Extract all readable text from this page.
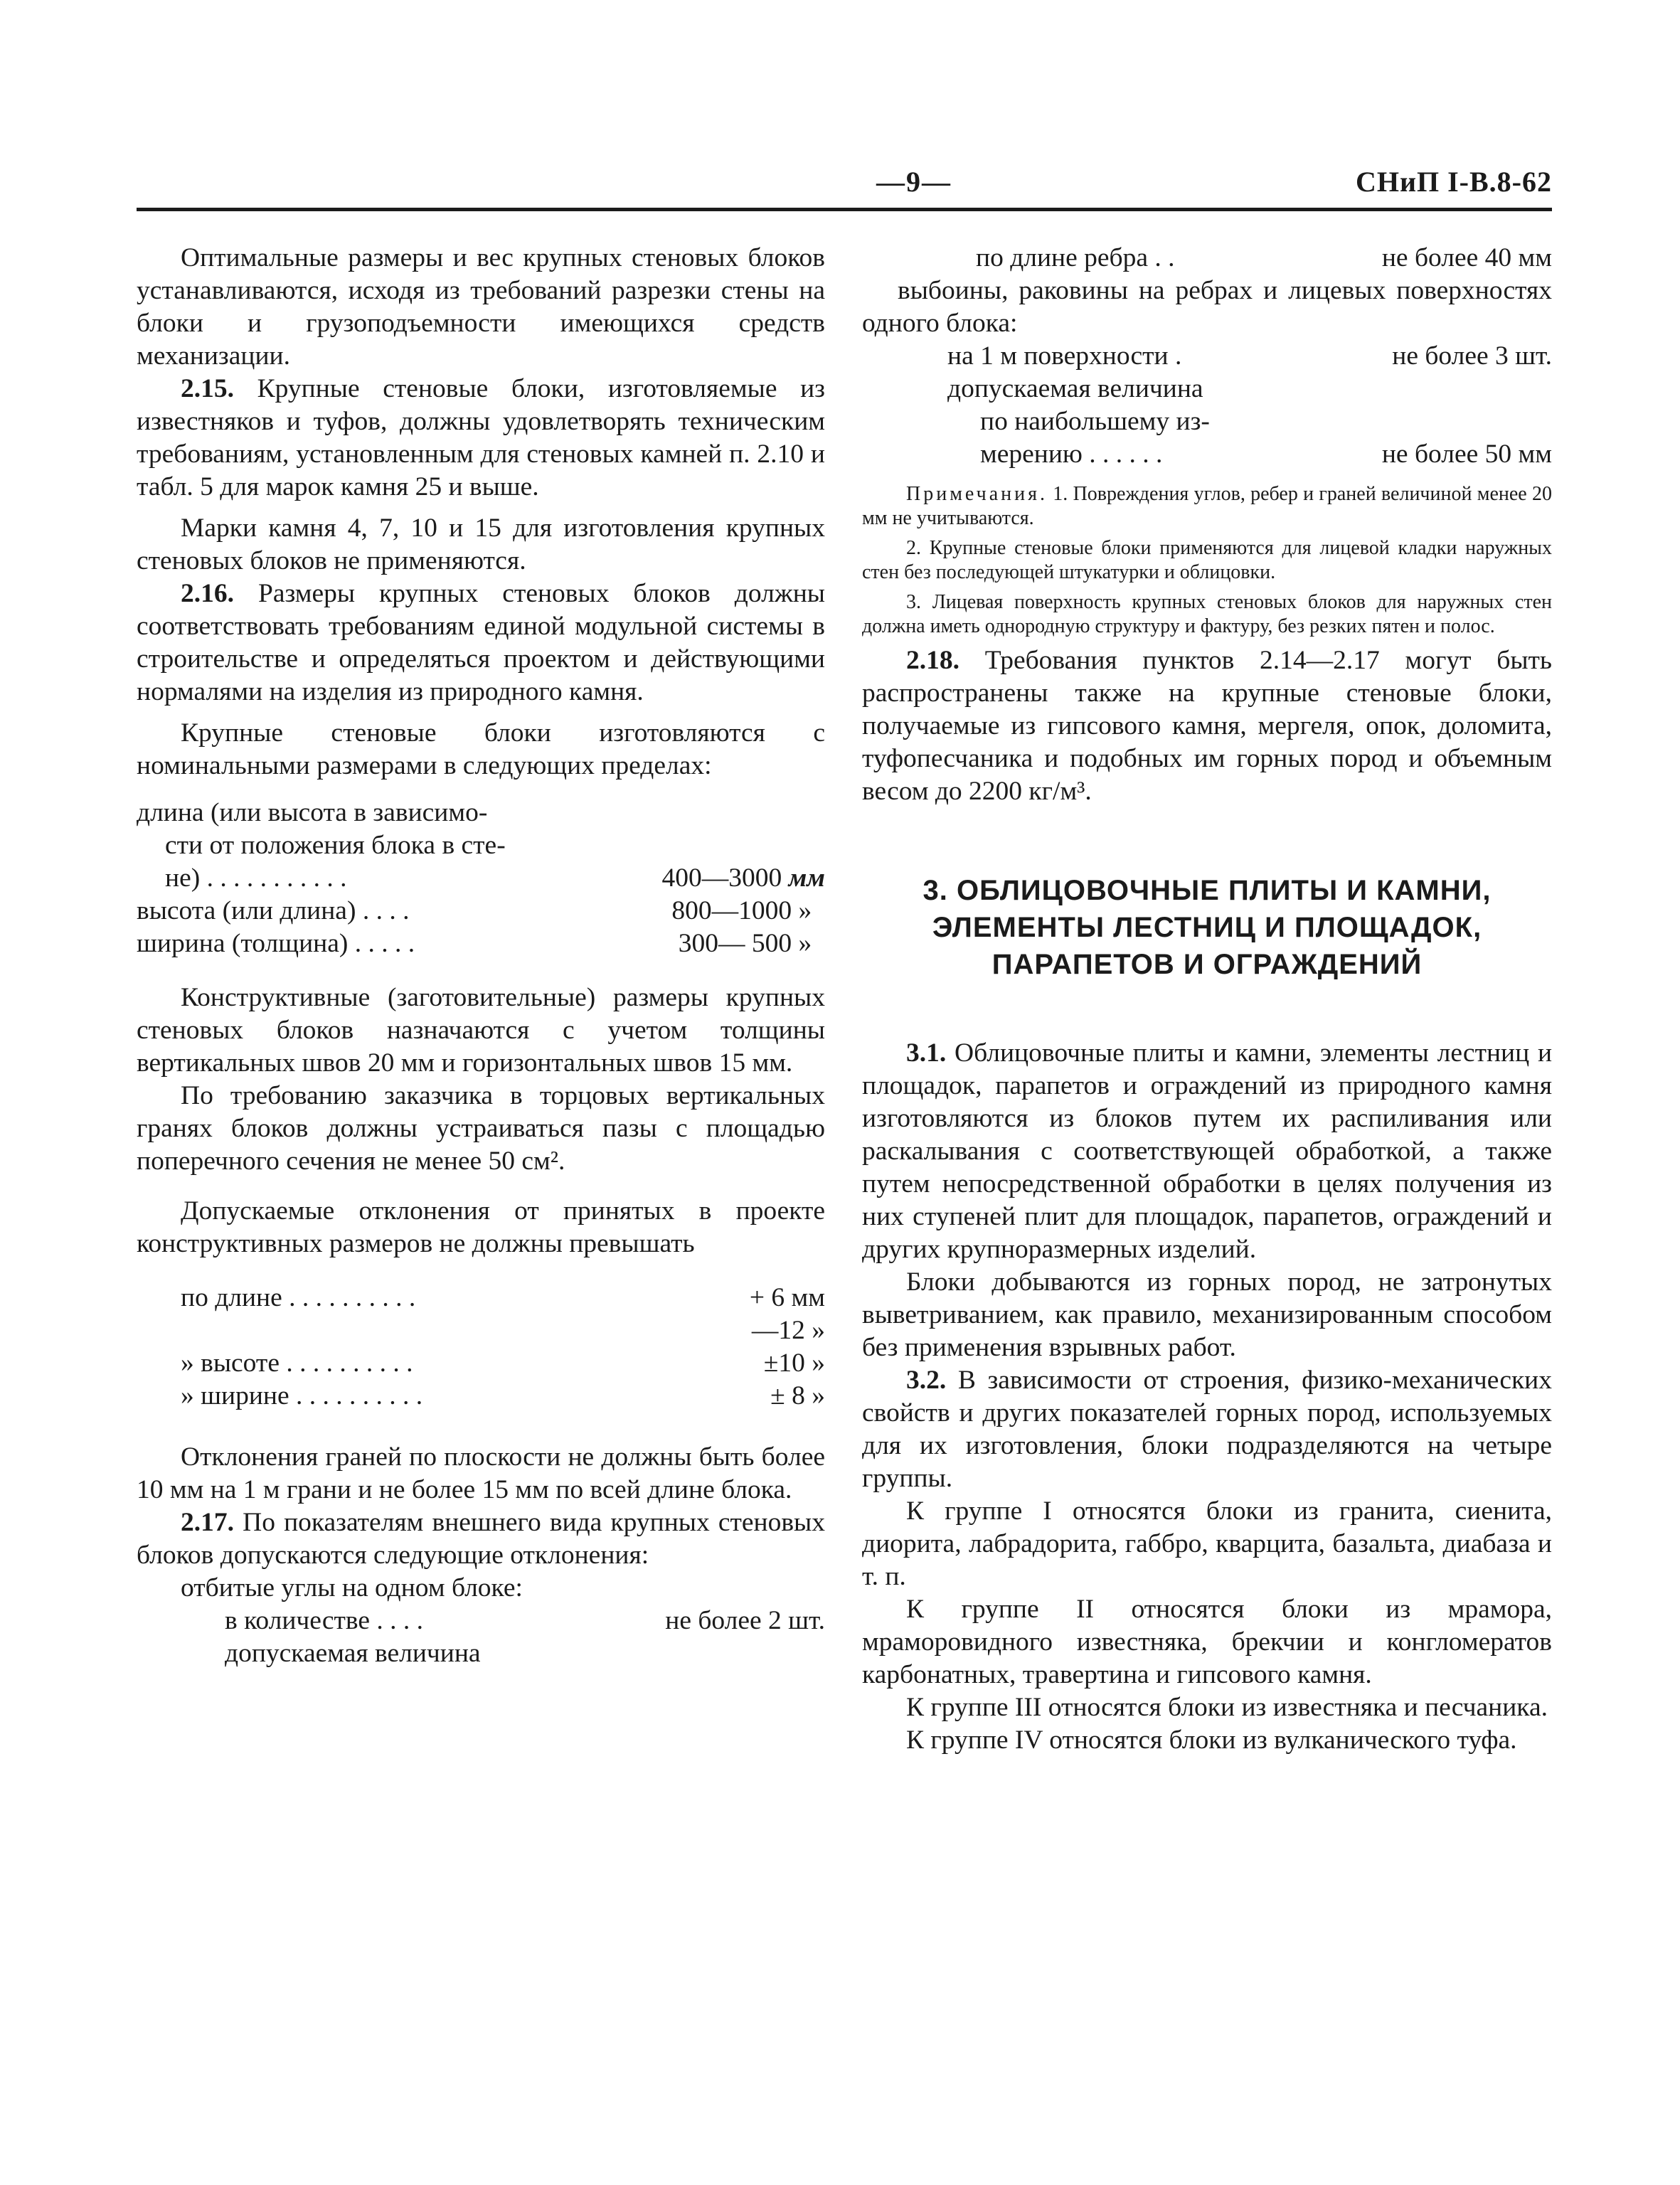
—9—	СНиП I-В.8-62

Оптимальные размеры и вес крупных стеновых блоков устанавливаются, исходя из требований разрезки стены на блоки и грузоподъемности имеющихся средств механизации.

2.15. Крупные стеновые блоки, изготовляемые из известняков и туфов, должны удовлетворять техническим требованиям, установленным для стеновых камней п. 2.10 и табл. 5 для марок камня 25 и выше.

Марки камня 4, 7, 10 и 15 для изготовления крупных стеновых блоков не применяются.

2.16. Размеры крупных стеновых блоков должны соответствовать требованиям единой модульной системы в строительстве и определяться проектом и действующими нормалями на изделия из природного камня.

Крупные стеновые блоки изготовляются с номинальными размерами в следующих пределах:

длина (или высота в зависимо-
сти от положения блока в сте-
не) . . . . . . . . . . .	400—3000 мм
высота (или длина) . . . .	800—1000 »
ширина (толщина) . . . . .	300— 500 »

Конструктивные (заготовительные) размеры крупных стеновых блоков назначаются с учетом толщины вертикальных швов 20 мм и горизонтальных швов 15 мм.

По требованию заказчика в торцовых вертикальных гранях блоков должны устраиваться пазы с площадью поперечного сечения не менее 50 см².

Допускаемые отклонения от принятых в проекте конструктивных размеров не должны превышать

по длине . . . . . . . . . .	+ 6 мм
—12 »
» высоте . . . . . . . . . .	±10 »
» ширине . . . . . . . . . .	± 8 »

Отклонения граней по плоскости не должны быть более 10 мм на 1 м грани и не более 15 мм по всей длине блока.

2.17. По показателям внешнего вида крупных стеновых блоков допускаются следующие отклонения:

отбитые углы на одном блоке:

в количестве . . . .	не более 2 шт.
допускаемая величина
по длине ребра . .	не более 40 мм

выбоины, раковины на ребрах и лицевых поверхностях одного блока:

на 1 м поверхности .	не более 3 шт.
допускаемая величина
по наибольшему из-
мерению . . . . . .	не более 50 мм

Примечания. 1. Повреждения углов, ребер и граней величиной менее 20 мм не учитываются.

2. Крупные стеновые блоки применяются для лицевой кладки наружных стен без последующей штукатурки и облицовки.

3. Лицевая поверхность крупных стеновых блоков для наружных стен должна иметь однородную структуру и фактуру, без резких пятен и полос.

2.18. Требования пунктов 2.14—2.17 могут быть распространены также на крупные стеновые блоки, получаемые из гипсового камня, мергеля, опок, доломита, туфопесчаника и подобных им горных пород и объемным весом до 2200 кг/м³.

3. ОБЛИЦОВОЧНЫЕ ПЛИТЫ И КАМНИ,
ЭЛЕМЕНТЫ ЛЕСТНИЦ И ПЛОЩАДОК,
ПАРАПЕТОВ И ОГРАЖДЕНИЙ

3.1. Облицовочные плиты и камни, элементы лестниц и площадок, парапетов и ограждений из природного камня изготовляются из блоков путем их распиливания или раскалывания с соответствующей обработкой, а также путем непосредственной обработки в целях получения из них ступеней плит для площадок, парапетов, ограждений и других крупноразмерных изделий.

Блоки добываются из горных пород, не затронутых выветриванием, как правило, механизированным способом без применения взрывных работ.

3.2. В зависимости от строения, физико-механических свойств и других показателей горных пород, используемых для их изготовления, блоки подразделяются на четыре группы.

К группе I относятся блоки из гранита, сиенита, диорита, лабрадорита, габбро, кварцита, базальта, диабаза и т. п.

К группе II относятся блоки из мрамора, мраморовидного известняка, брекчии и конгломератов карбонатных, травертина и гипсового камня.

К группе III относятся блоки из известняка и песчаника.

К группе IV относятся блоки из вулканического туфа.
